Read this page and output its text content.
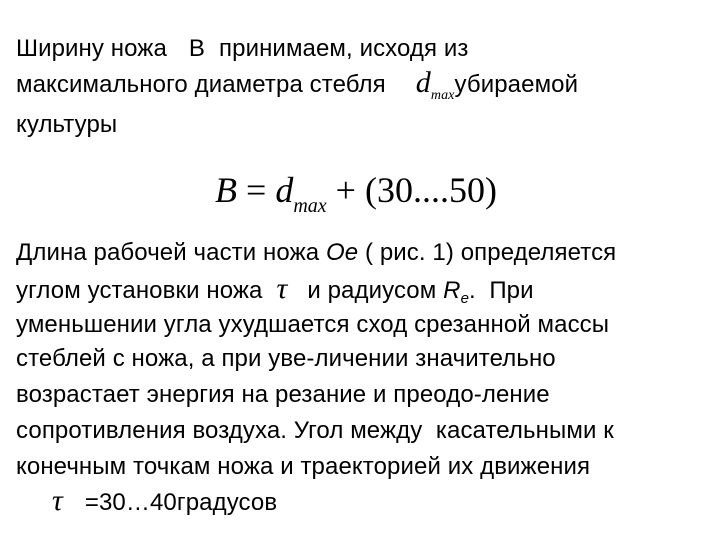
Ширину ножа B принимаем, исходя из
максимального диаметра стебля $d_{max}убираемой$
культуры
$B = d_{max} + (30....50)$
Длина рабочей части ножа Oe ( рис. 1) определяется
углом установки ножа τ и радиусом $R_e$.  При
уменьшении угла ухудшается сход срезанной массы
стеблей с ножа, а при уве-личении значительно
возрастает энергия на резание и преодо-ление
сопротивления воздуха. Угол между  касательными к
конечным точкам ножа и траекторией их движения
τ =30…40градусов
